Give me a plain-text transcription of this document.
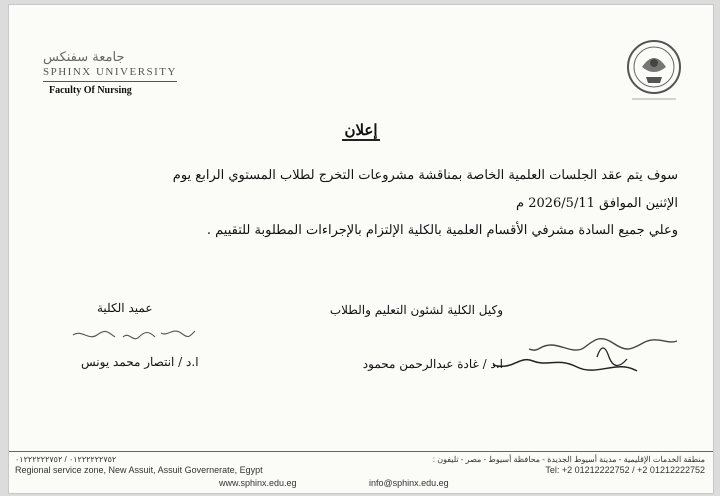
جامعة سفنكس
SPHINX UNIVERSITY
Faculty Of Nursing
إعلان
سوف يتم عقد الجلسات العلمية الخاصة بمناقشة مشروعات التخرج لطلاب المستوي الرابع يوم
الإثنين الموافق 2026/5/11 م
وعلي جميع السادة مشرفي الأقسام العلمية بالكلية الإلتزام بالإجراءات المطلوبة للتقييم .
وكيل الكلية لشئون التعليم والطلاب
ا.د / غادة عبدالرحمن محمود
عميد الكلية
ا.د / انتصار محمد يونس
منطقة الخدمات الإقليمية - مدينة أسيوط الجديدة - محافظة أسيوط - مصر - تليفون :
٠١٢٢٢٢٢٢٧٥٢ / ٠١٢٢٢٢٢٢٧٥٢
Regional service zone, New Assuit, Assuit Governerate, Egypt	Tel: +2 01212222752 / +2 01212222752
www.sphinx.edu.eg	info@sphinx.edu.eg
